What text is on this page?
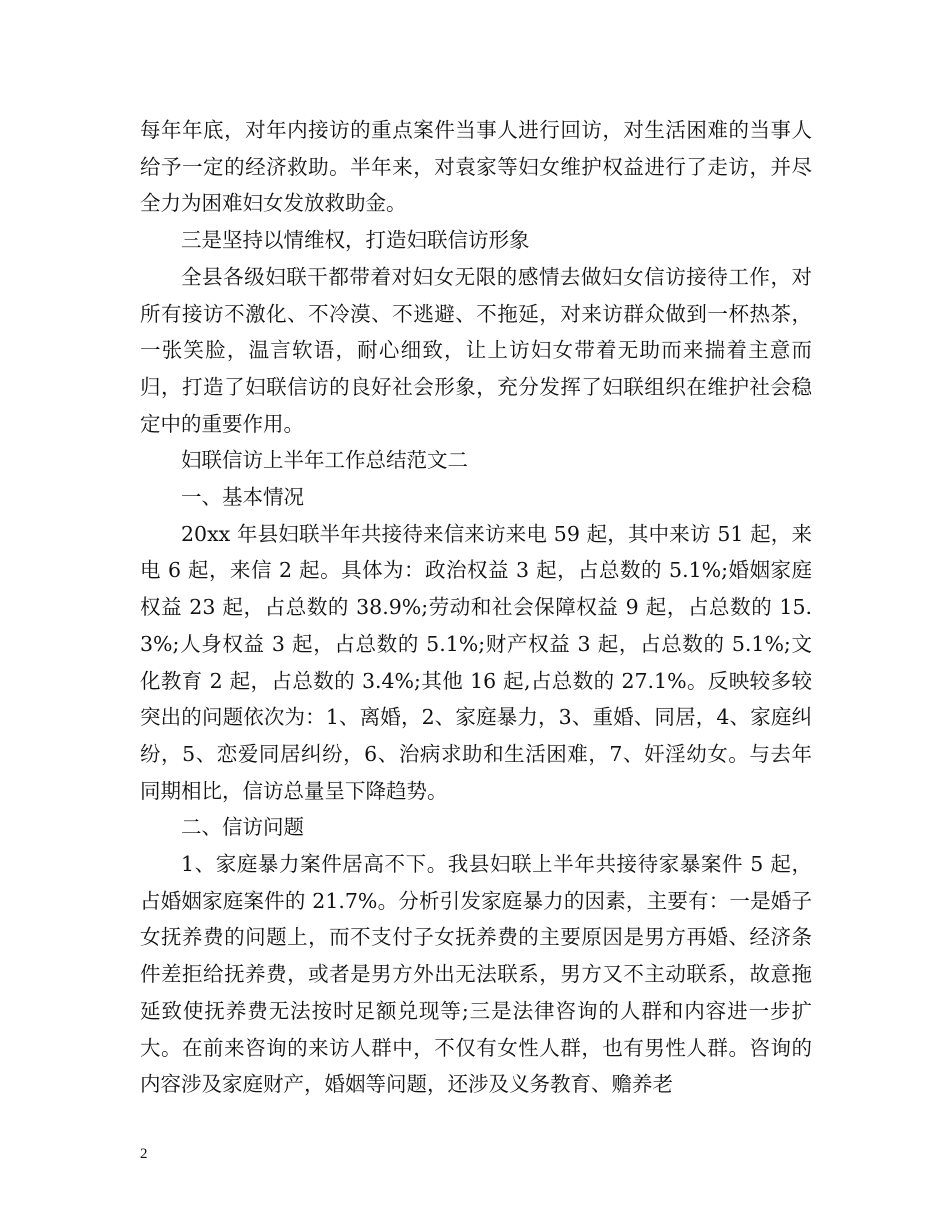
每年年底，对年内接访的重点案件当事人进行回访，对生活困难的当事人给予一定的经济救助。半年来，对袁家等妇女维护权益进行了走访，并尽全力为困难妇女发放救助金。

三是坚持以情维权，打造妇联信访形象

全县各级妇联干都带着对妇女无限的感情去做妇女信访接待工作，对所有接访不激化、不冷漠、不逃避、不拖延，对来访群众做到一杯热茶，一张笑脸，温言软语，耐心细致，让上访妇女带着无助而来揣着主意而归，打造了妇联信访的良好社会形象，充分发挥了妇联组织在维护社会稳定中的重要作用。

妇联信访上半年工作总结范文二

一、基本情况

20xx 年县妇联半年共接待来信来访来电 59 起，其中来访 51 起，来电 6 起，来信 2 起。具体为：政治权益 3 起，占总数的 5.1%;婚姻家庭权益 23 起，占总数的 38.9%;劳动和社会保障权益 9 起，占总数的 15.3%;人身权益 3 起，占总数的 5.1%;财产权益 3 起，占总数的 5.1%;文化教育 2 起，占总数的 3.4%;其他 16 起,占总数的 27.1%。反映较多较突出的问题依次为：1、离婚，2、家庭暴力，3、重婚、同居，4、家庭纠纷，5、恋爱同居纠纷，6、治病求助和生活困难，7、奸淫幼女。与去年同期相比，信访总量呈下降趋势。

二、信访问题

1、家庭暴力案件居高不下。我县妇联上半年共接待家暴案件 5 起，占婚姻家庭案件的 21.7%。分析引发家庭暴力的因素，主要有：一是婚子女抚养费的问题上，而不支付子女抚养费的主要原因是男方再婚、经济条件差拒给抚养费，或者是男方外出无法联系，男方又不主动联系，故意拖延致使抚养费无法按时足额兑现等;三是法律咨询的人群和内容进一步扩大。在前来咨询的来访人群中，不仅有女性人群，也有男性人群。咨询的内容涉及家庭财产，婚姻等问题，还涉及义务教育、赡养老

2
